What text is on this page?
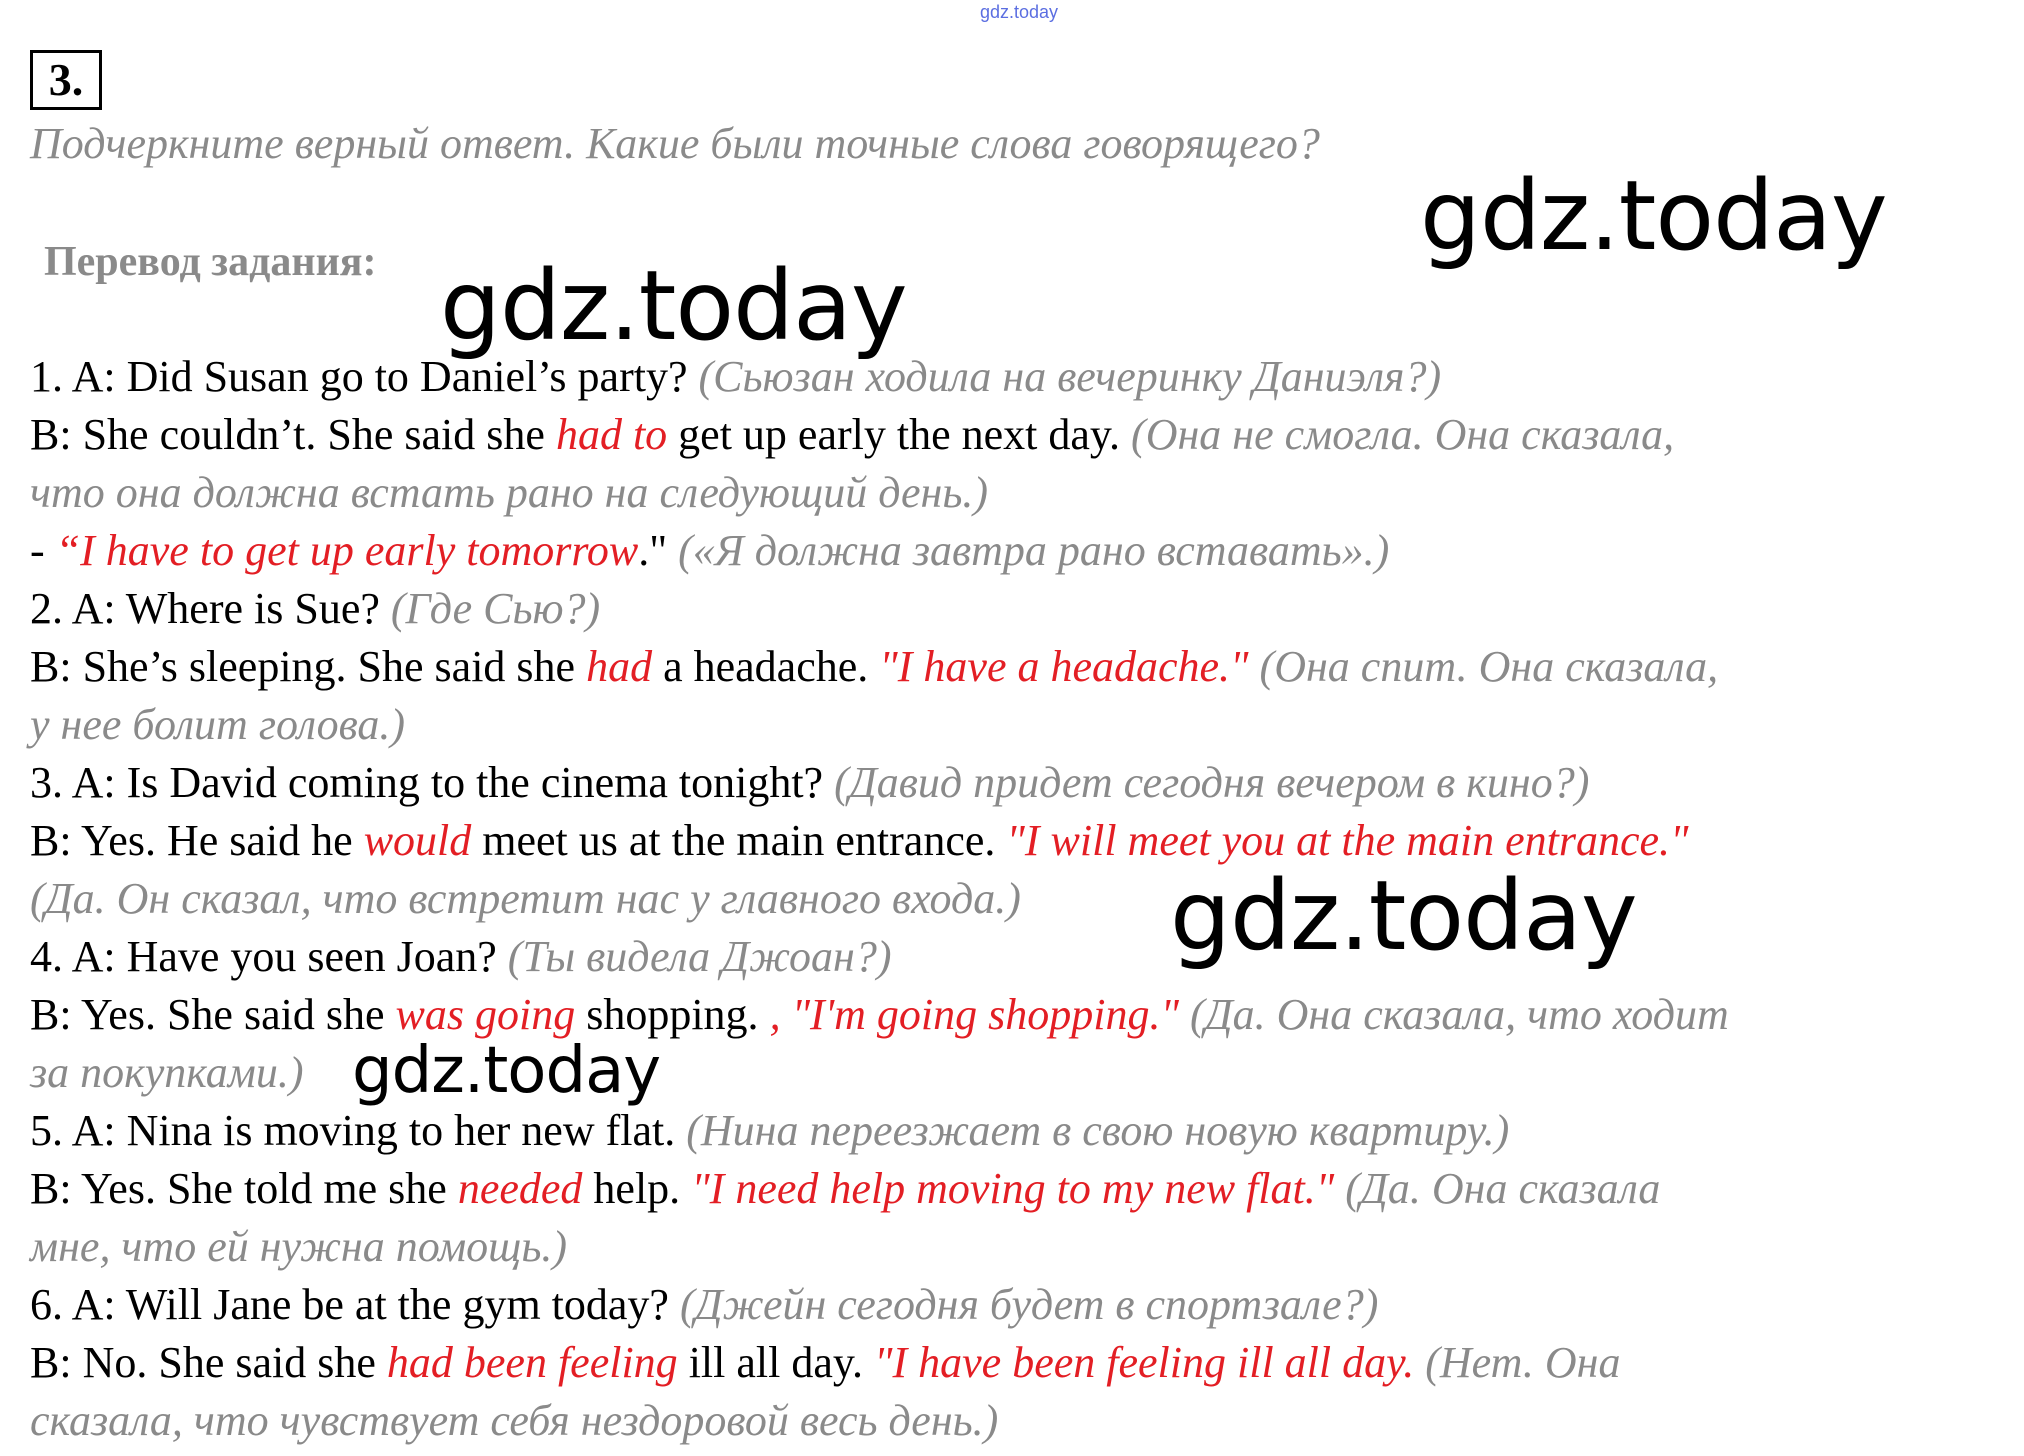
gdz.today
3.
Подчеркните верный ответ. Какие были точные слова говорящего?
Перевод задания:	gdz.today
gdz.today
gdz.today
gdz.today
1. A: Did Susan go to Daniel’s party? (Сьюзан ходила на вечеринку Даниэля?)
B: She couldn’t. She said she had to get up early the next day. (Она не смогла. Она сказала,
что она должна встать рано на следующий день.)
- “I have to get up early tomorrow." («Я должна завтра рано вставать».)
2. A: Where is Sue? (Где Сью?)
B: She’s sleeping. She said she had a headache. "I have a headache." (Она спит. Она сказала,
у нее болит голова.)
3. A: Is David coming to the cinema tonight? (Давид придет сегодня вечером в кино?)
B: Yes. He said he would meet us at the main entrance. "I will meet you at the main entrance."
(Да. Он сказал, что встретит нас у главного входа.)
4. A: Have you seen Joan? (Ты видела Джоан?)
B: Yes. She said she was going shopping. , "I'm going shopping." (Да. Она сказала, что ходит
за покупками.)
5. A: Nina is moving to her new flat. (Нина переезжает в свою новую квартиру.)
B: Yes. She told me she needed help. "I need help moving to my new flat." (Да. Она сказала
мне, что ей нужна помощь.)
6. A: Will Jane be at the gym today? (Джейн сегодня будет в спортзале?)
B: No. She said she had been feeling ill all day. "I have been feeling ill all day. (Нет. Она
сказала, что чувствует себя нездоровой весь день.)
